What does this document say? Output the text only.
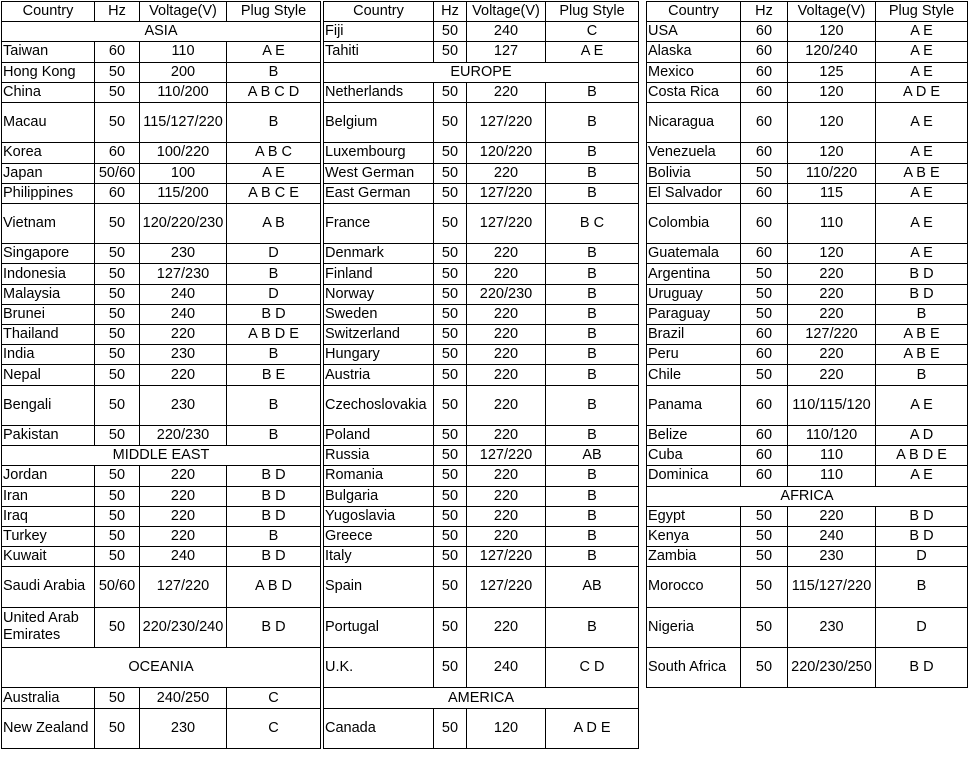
Country	Hz	Voltage(V)	Plug Style
ASIA			
Taiwan	60	110	A E
Hong Kong	50	200	B
China	50	110/200	A B C D
Macau	50	115/127/220	B
Korea	60	100/220	A B C
Japan	50/60	100	A E
Philippines	60	115/200	A B C E
Vietnam	50	120/220/230	A B
Singapore	50	230	D
Indonesia	50	127/230	B
Malaysia	50	240	D
Brunei	50	240	B D
Thailand	50	220	A B D E
India	50	230	B
Nepal	50	220	B E
Bengali	50	230	B
Pakistan	50	220/230	B
MIDDLE EAST			
Jordan	50	220	B D
Iran	50	220	B D
Iraq	50	220	B D
Turkey	50	220	B
Kuwait	50	240	B D
Saudi Arabia	50/60	127/220	A B D
United Arab Emirates	50	220/230/240	B D
OCEANIA			
Australia	50	240/250	C
New Zealand	50	230	C
Country	Hz	Voltage(V)	Plug Style
Fiji	50	240	C
Tahiti	50	127	A E
EUROPE			
Netherlands	50	220	B
Belgium	50	127/220	B
Luxembourg	50	120/220	B
West German	50	220	B
East German	50	127/220	B
France	50	127/220	B C
Denmark	50	220	B
Finland	50	220	B
Norway	50	220/230	B
Sweden	50	220	B
Switzerland	50	220	B
Hungary	50	220	B
Austria	50	220	B
Czechoslovakia	50	220	B
Poland	50	220	B
Russia	50	127/220	AB
Romania	50	220	B
Bulgaria	50	220	B
Yugoslavia	50	220	B
Greece	50	220	B
Italy	50	127/220	B
Spain	50	127/220	AB
Portugal	50	220	B
U.K.	50	240	C D
AMERICA			
Canada	50	120	A D E
Country	Hz	Voltage(V)	Plug Style
USA	60	120	A E
Alaska	60	120/240	A E
Mexico	60	125	A E
Costa Rica	60	120	A D E
Nicaragua	60	120	A E
Venezuela	60	120	A E
Bolivia	50	110/220	A B E
El Salvador	60	115	A E
Colombia	60	110	A E
Guatemala	60	120	A E
Argentina	50	220	B D
Uruguay	50	220	B D
Paraguay	50	220	B
Brazil	60	127/220	A B E
Peru	60	220	A B E
Chile	50	220	B
Panama	60	110/115/120	A E
Belize	60	110/120	A D
Cuba	60	110	A B D E
Dominica	60	110	A E
AFRICA			
Egypt	50	220	B D
Kenya	50	240	B D
Zambia	50	230	D
Morocco	50	115/127/220	B
Nigeria	50	230	D
South Africa	50	220/230/250	B D
